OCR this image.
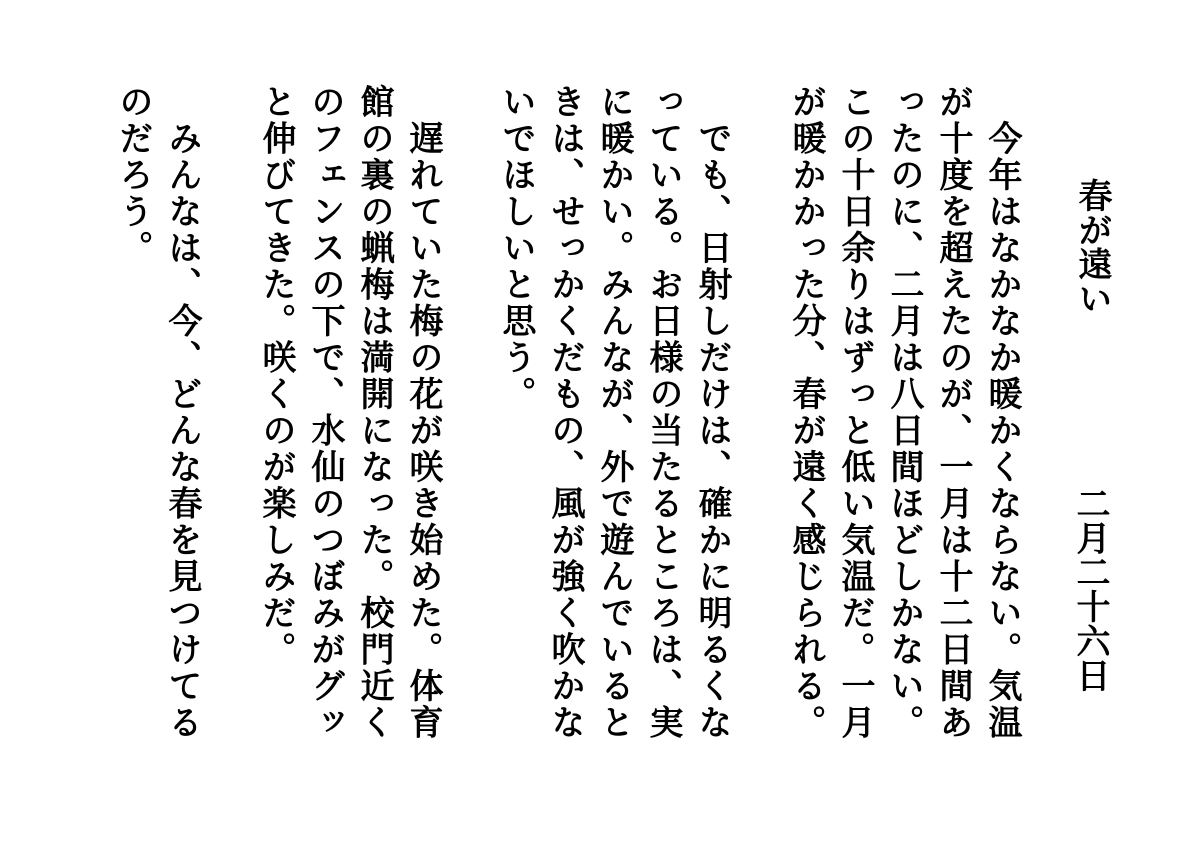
春が遠い
二月二十六日
　今年はなかなか暖かくならない。気温が十度を超えたのが、一月は十二日間あったのに、二月は八日間ほどしかない。この十日余りはずっと低い気温だ。一月が暖かかった分、春が遠く感じられる。
　でも、日射しだけは、確かに明るくなっている。お日様の当たるところは、実に暖かい。みんなが、外で遊んでいるときは、せっかくだもの、風が強く吹かないでほしいと思う。
　遅れていた梅の花が咲き始めた。体育館の裏の蝋梅は満開になった。校門近くのフェンスの下で、水仙のつぼみがグッと伸びてきた。咲くのが楽しみだ。
　みんなは、今、どんな春を見つけてるのだろう。
